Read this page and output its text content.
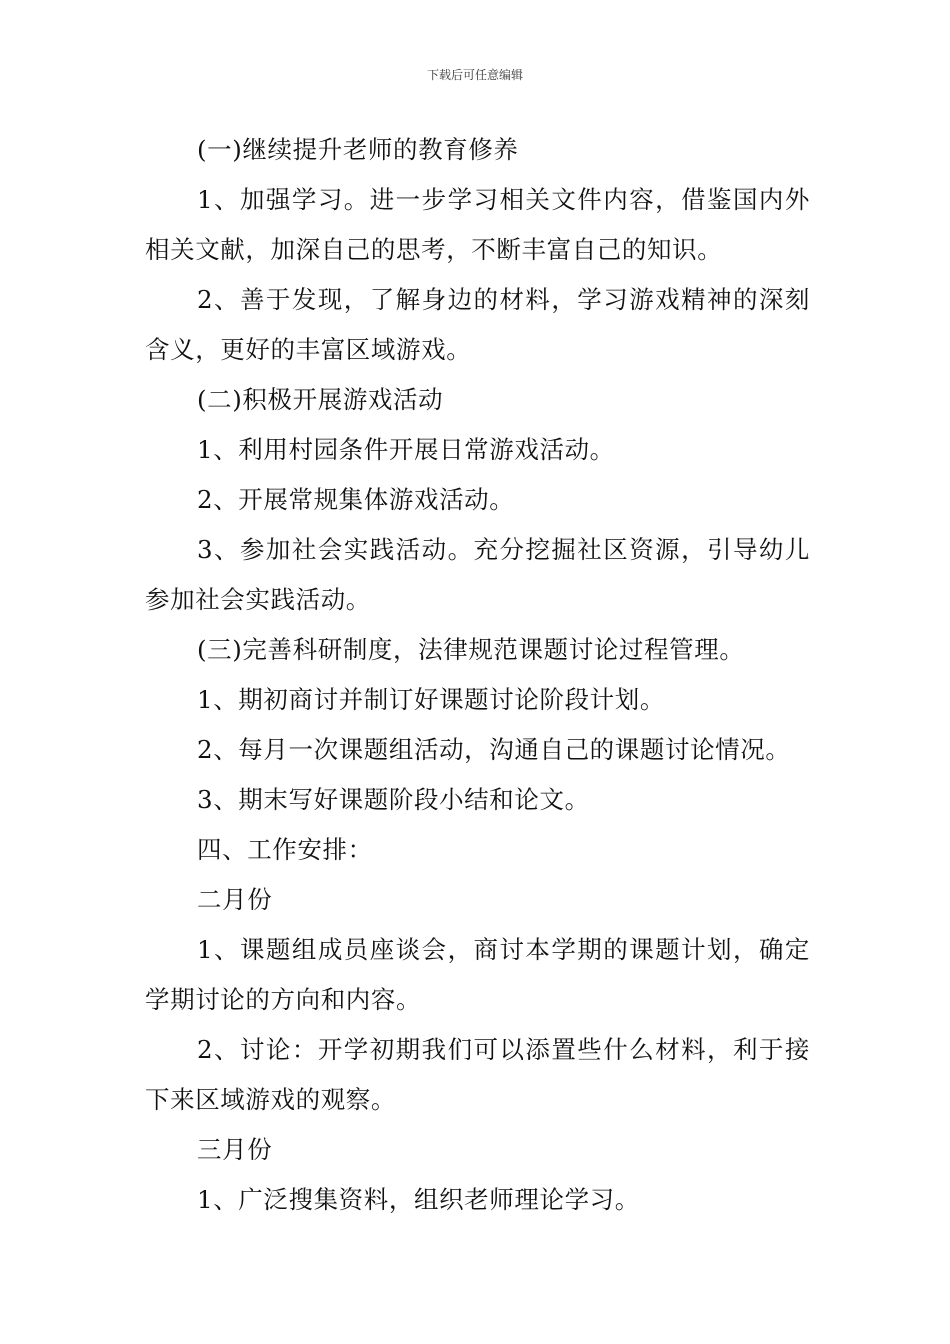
下载后可任意编辑

(一)继续提升老师的教育修养

1、加强学习。进一步学习相关文件内容，借鉴国内外相关文献，加深自己的思考，不断丰富自己的知识。

2、善于发现，了解身边的材料，学习游戏精神的深刻含义，更好的丰富区域游戏。

(二)积极开展游戏活动

1、利用村园条件开展日常游戏活动。

2、开展常规集体游戏活动。

3、参加社会实践活动。充分挖掘社区资源，引导幼儿参加社会实践活动。

(三)完善科研制度，法律规范课题讨论过程管理。

1、期初商讨并制订好课题讨论阶段计划。

2、每月一次课题组活动，沟通自己的课题讨论情况。

3、期末写好课题阶段小结和论文。

四、工作安排：

二月份

1、课题组成员座谈会，商讨本学期的课题计划，确定学期讨论的方向和内容。

2、讨论：开学初期我们可以添置些什么材料，利于接下来区域游戏的观察。

三月份

1、广泛搜集资料，组织老师理论学习。
